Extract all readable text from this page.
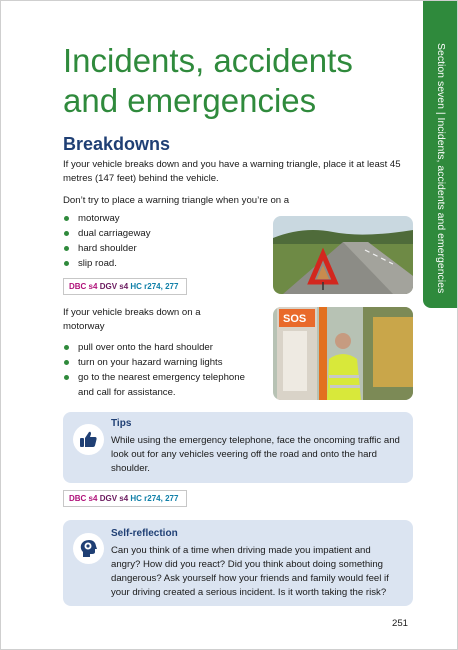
Section seven | Incidents, accidents and emergencies
Incidents, accidents and emergencies
Breakdowns

If your vehicle breaks down and you have a warning triangle, place it at least 45 metres (147 feet) behind the vehicle.

Don’t try to place a warning triangle when you’re on a

motorway
dual carriageway
hard shoulder
slip road.
DBC s4 DGV s4 HC r274, 277

If your vehicle breaks down on a motorway

pull over onto the hard shoulder
turn on your hazard warning lights
go to the nearest emergency telephone and call for assistance.
SOS
Tips
While using the emergency telephone, face the oncoming traffic and look out for any vehicles veering off the road and onto the hard shoulder.
DBC s4 DGV s4 HC r274, 277
Self-reflection
Can you think of a time when driving made you impatient and angry? How did you react? Did you think about doing something dangerous? Ask yourself how your friends and family would feel if your driving created a serious incident. Is it worth taking the risk?
251
